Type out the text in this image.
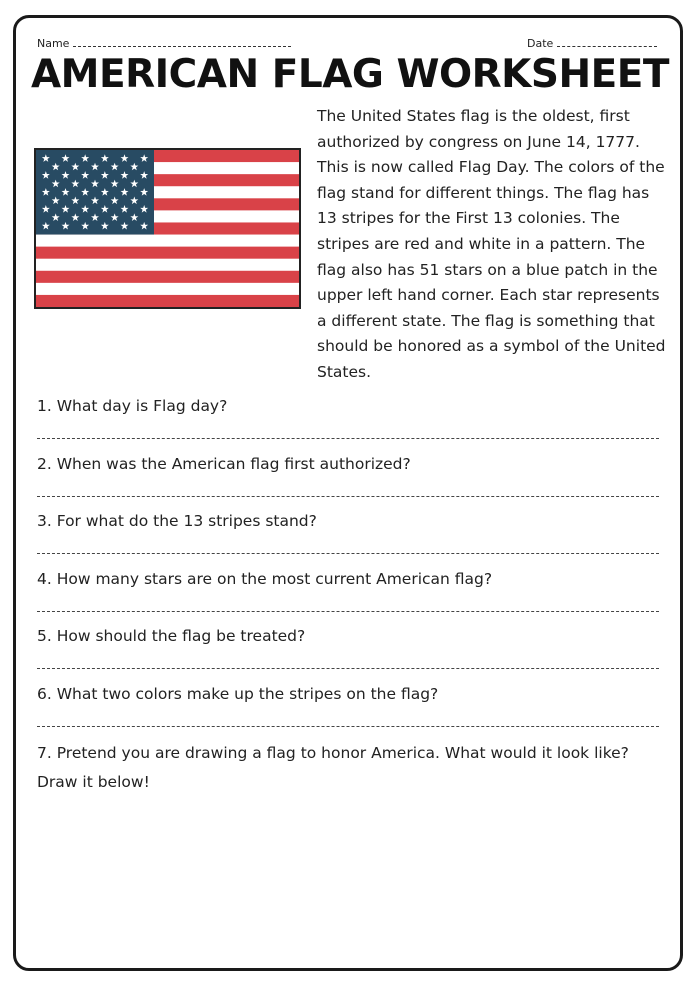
Name	Date
AMERICAN FLAG WORKSHEET

The United States flag is the oldest, first authorized by congress on June 14, 1777. This is now called Flag Day. The colors of the flag stand for different things. The flag has 13 stripes for the First 13 colonies. The stripes are red and white in a pattern. The flag also has 51 stars on a blue patch in the upper left hand corner. Each star represents a different state. The flag is something that should be honored as a symbol of the United States.

1. What day is Flag day?
2. When was the American flag first authorized?
3. For what do the 13 stripes stand?
4. How many stars are on the most current American flag?
5. How should the flag be treated?
6. What two colors make up the stripes on the flag?
7. Pretend you are drawing a flag to honor America. What would it look like? Draw it below!
